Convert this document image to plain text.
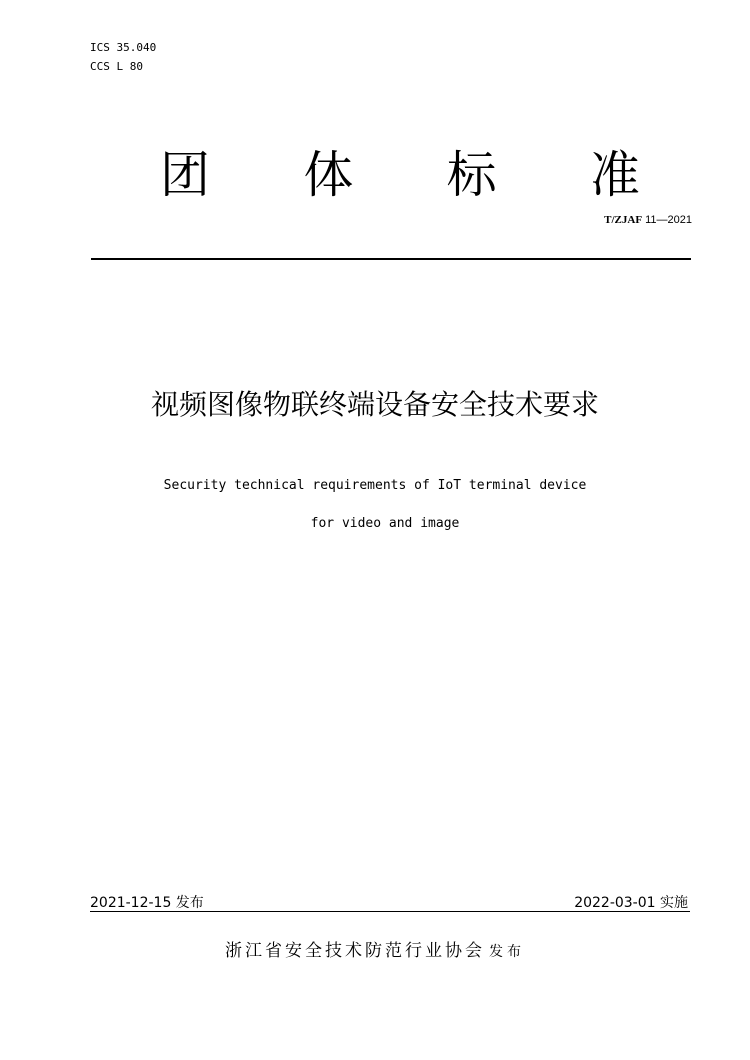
ICS 35.040
CCS L 80
团 体 标 准
T/ZJAF 11—2021
视频图像物联终端设备安全技术要求
Security technical requirements of IoT terminal device
for video and image
2021-12-15 发布	2022-03-01 实施
浙江省安全技术防范行业协会 发布
